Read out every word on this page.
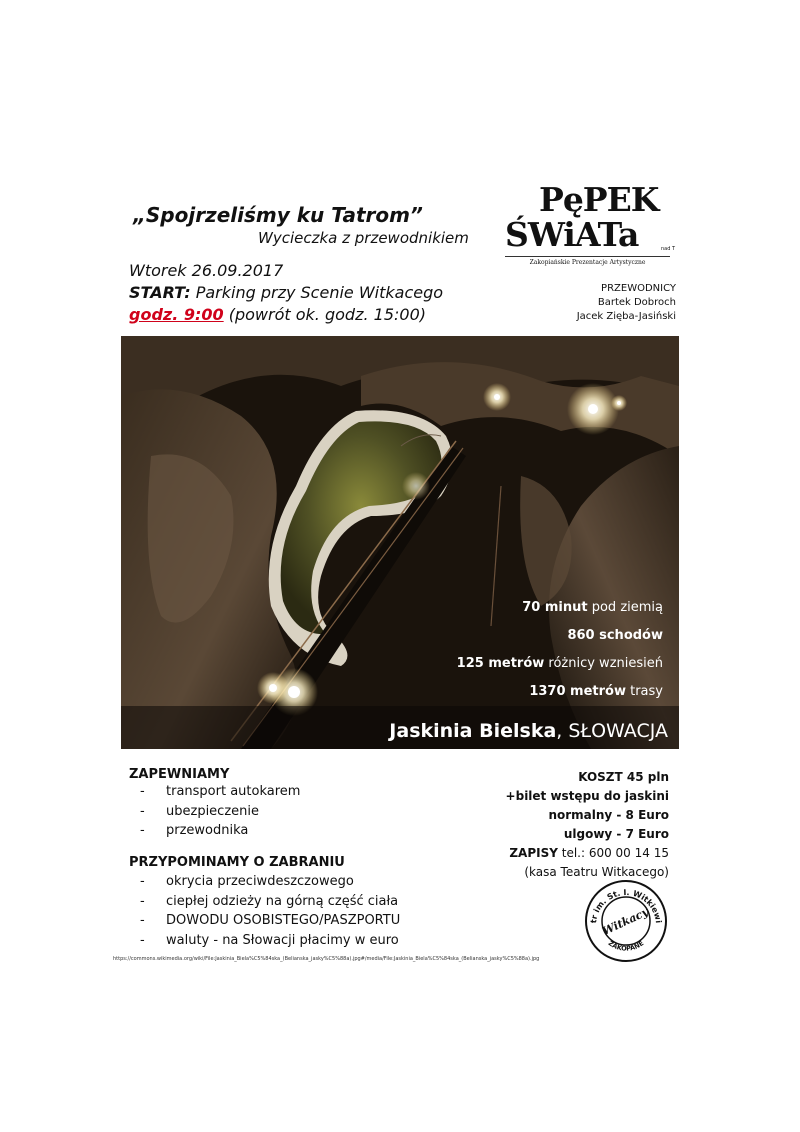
„Spojrzeliśmy ku Tatrom”
Wycieczka z przewodnikiem
Wtorek 26.09.2017
START: Parking przy Scenie Witkacego
godz. 9:00 (powrót ok. godz. 15:00)
PęPEK
ŚWiATa	nad T
Zakopiańskie Prezentacje Artystyczne
PRZEWODNICY
Bartek Dobroch
Jacek Zięba-Jasiński
70 minut pod ziemią
860 schodów
125 metrów różnicy wzniesień
1370 metrów trasy
Jaskinia Bielska, SŁOWACJA
ZAPEWNIAMY
-	transport autokarem
-	ubezpieczenie
-	przewodnika
PRZYPOMINAMY O ZABRANIU
-	okrycia przeciwdeszczowego
-	ciepłej odzieży na górną część ciała
-	DOWODU OSOBISTEGO/PASZPORTU
-	waluty - na Słowacji płacimy w euro
KOSZT 45 pln
+bilet wstępu do jaskini
normalny - 8 Euro
ulgowy - 7 Euro
ZAPISY tel.: 600 00 14 15
(kasa Teatru Witkacego)
tr im. St. I. Witkiewi
ZAKOPANE
Witkacy
https://commons.wikimedia.org/wiki/File:Jaskinia_Biela%C5%84ska_(Belianska_jasky%C5%88a).jpg#/media/File:Jaskinia_Biela%C5%84ska_(Belianska_jasky%C5%88a).jpg
